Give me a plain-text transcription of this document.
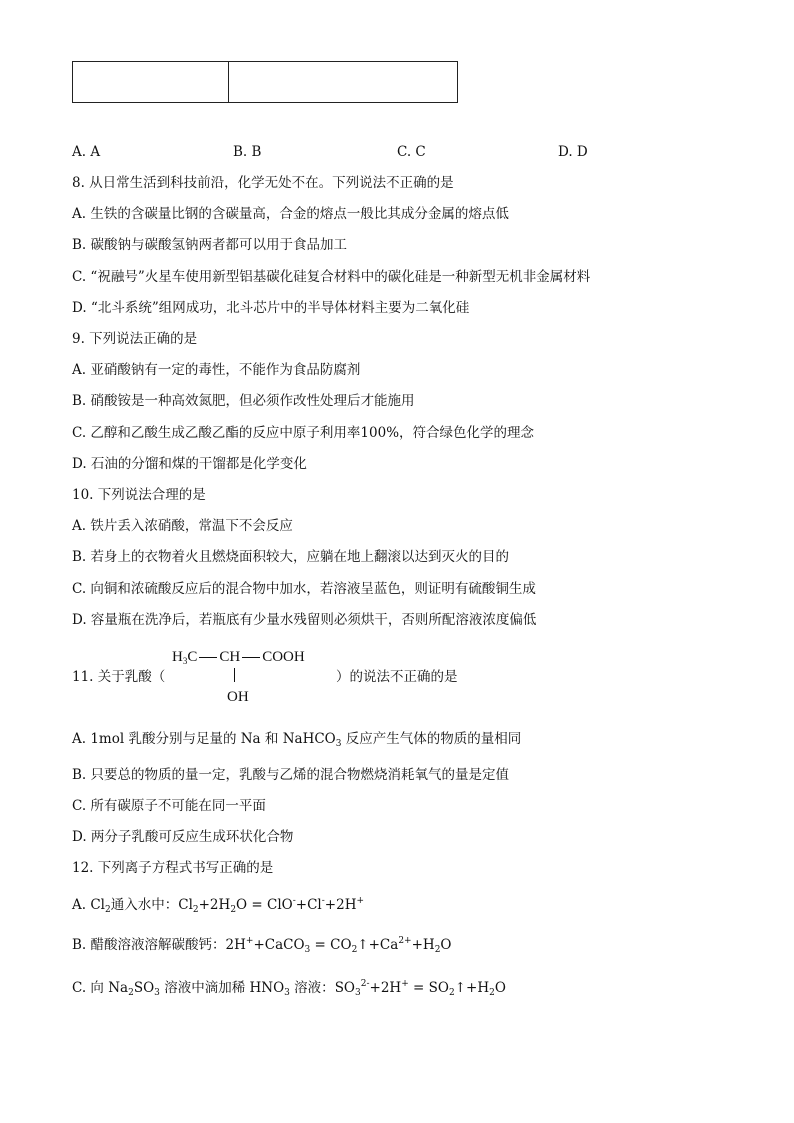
A. A	B. B	C. C	D. D
8. 从日常生活到科技前沿，化学无处不在。下列说法不正确的是
A. 生铁的含碳量比钢的含碳量高，合金的熔点一般比其成分金属的熔点低
B. 碳酸钠与碳酸氢钠两者都可以用于食品加工
C. “祝融号”火星车使用新型铝基碳化硅复合材料中的碳化硅是一种新型无机非金属材料
D. “北斗系统”组网成功，北斗芯片中的半导体材料主要为二氧化硅
9. 下列说法正确的是
A. 亚硝酸钠有一定的毒性，不能作为食品防腐剂
B. 硝酸铵是一种高效氮肥，但必须作改性处理后才能施用
C. 乙醇和乙酸生成乙酸乙酯的反应中原子利用率100%，符合绿色化学的理念
D. 石油的分馏和煤的干馏都是化学变化
10. 下列说法合理的是
A. 铁片丢入浓硝酸，常温下不会反应
B. 若身上的衣物着火且燃烧面积较大，应躺在地上翻滚以达到灭火的目的
C. 向铜和浓硫酸反应后的混合物中加水，若溶液呈蓝色，则证明有硫酸铜生成
D. 容量瓶在洗净后，若瓶底有少量水残留则必须烘干，否则所配溶液浓度偏低
11. 关于乳酸（
$H_3C$ CH COOH
OH
）的说法不正确的是
A. 1mol 乳酸分别与足量的 Na 和 NaHCO$_3$ 反应产生气体的物质的量相同
B. 只要总的物质的量一定，乳酸与乙烯的混合物燃烧消耗氧气的量是定值
C. 所有碳原子不可能在同一平面
D. 两分子乳酸可反应生成环状化合物
12. 下列离子方程式书写正确的是
A. $Cl_2$通入水中：$Cl_2+2H_2O = ClO^-+Cl^-+2H^+$
B. 醋酸溶液溶解碳酸钙：2H++CaCO$_3$ = $CO_2↑+Ca^{2+}+H_2O$
C. 向 $Na_2SO_3$ 溶液中滴加稀 $HNO_3$ 溶液：$SO_3^{2-}+2H^+$ = $SO_2↑+H_2O$
